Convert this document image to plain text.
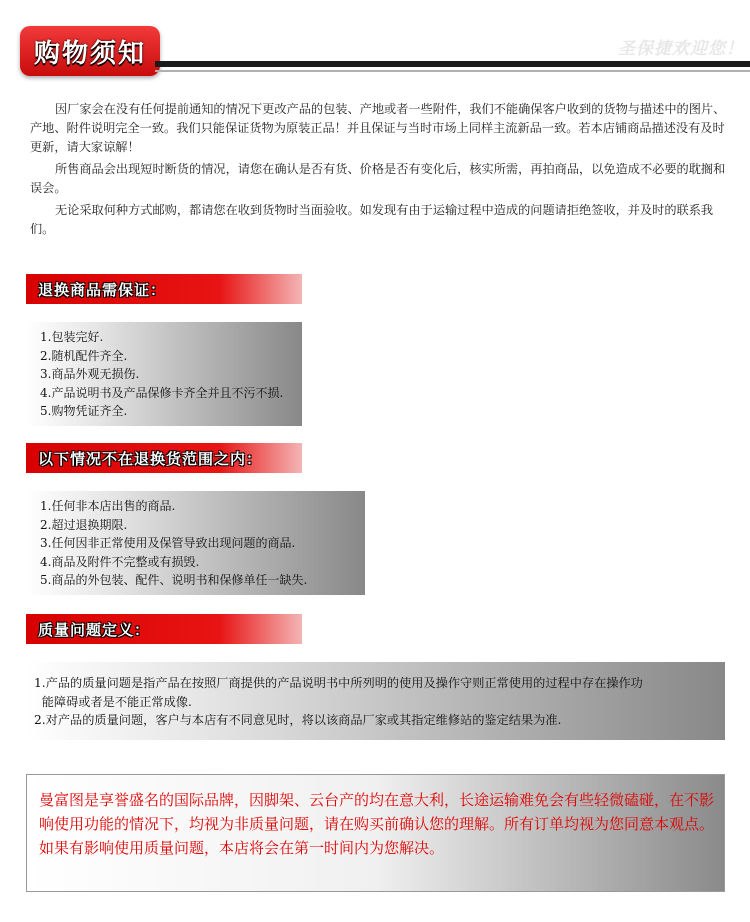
购物须知	圣保捷欢迎您！

因厂家会在没有任何提前通知的情况下更改产品的包装、产地或者一些附件，我们不能确保客户收到的货物与描述中的图片、产地、附件说明完全一致。我们只能保证货物为原装正品！并且保证与当时市场上同样主流新品一致。若本店铺商品描述没有及时更新，请大家谅解！

所售商品会出现短时断货的情况，请您在确认是否有货、价格是否有变化后，核实所需，再拍商品，以免造成不必要的耽搁和误会。

无论采取何种方式邮购，都请您在收到货物时当面验收。如发现有由于运输过程中造成的问题请拒绝签收，并及时的联系我们。

退换商品需保证：
1.包装完好.
2.随机配件齐全.
3.商品外观无损伤.
4.产品说明书及产品保修卡齐全并且不污不损.
5.购物凭证齐全.
以下情况不在退换货范围之内：
1.任何非本店出售的商品.
2.超过退换期限.
3.任何因非正常使用及保管导致出现问题的商品.
4.商品及附件不完整或有损毁.
5.商品的外包装、配件、说明书和保修单任一缺失.
质量问题定义：
1.产品的质量问题是指产品在按照厂商提供的产品说明书中所列明的使用及操作守则正常使用的过程中存在操作功
能障碍或者是不能正常成像.
2.对产品的质量问题，客户与本店有不同意见时，将以该商品厂家或其指定维修站的鉴定结果为准.
曼富图是享誉盛名的国际品牌，因脚架、云台产的均在意大利，长途运输难免会有些轻微磕碰，在不影响使用功能的情况下，均视为非质量问题，请在购买前确认您的理解。所有订单均视为您同意本观点。如果有影响使用质量问题，本店将会在第一时间内为您解决。
